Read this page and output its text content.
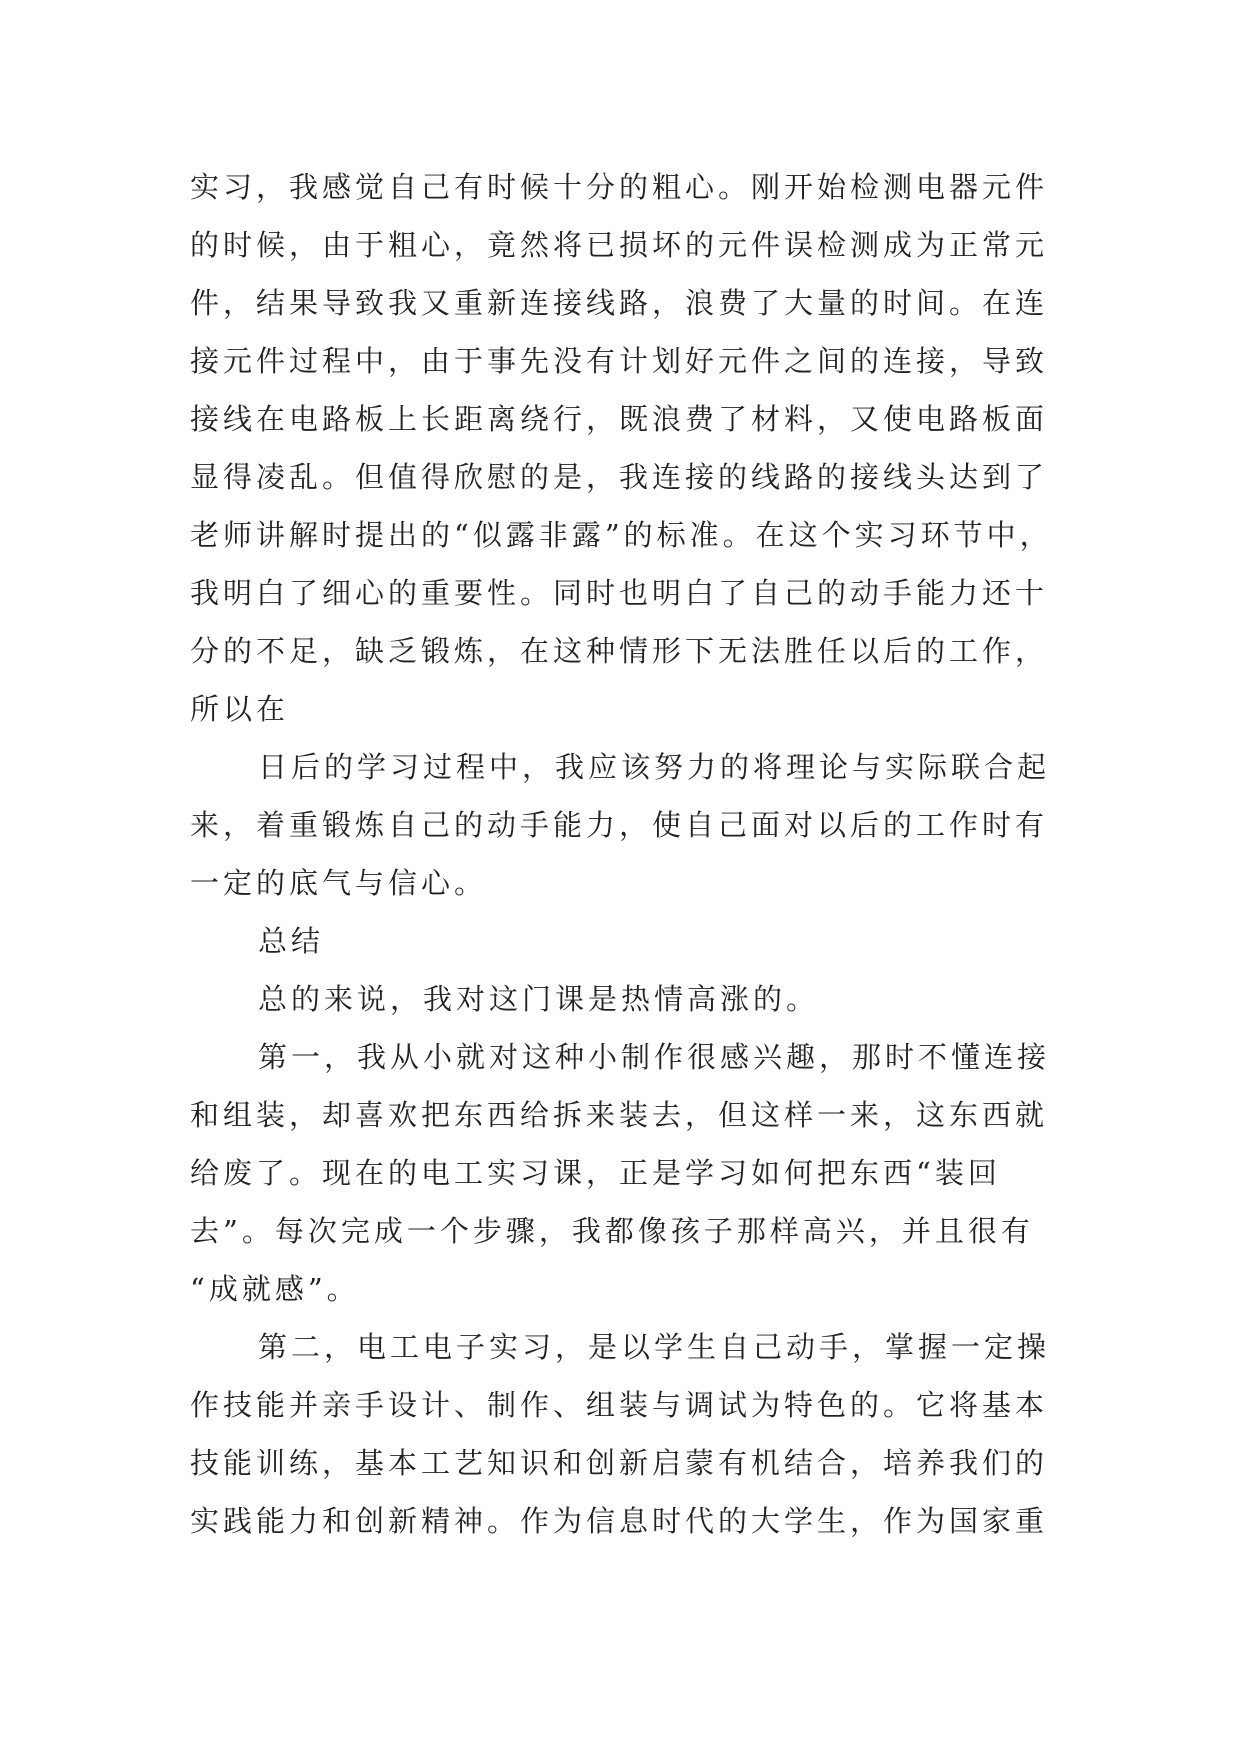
实习，我感觉自己有时候十分的粗心。刚开始检测电器元件
的时候，由于粗心，竟然将已损坏的元件误检测成为正常元
件，结果导致我又重新连接线路，浪费了大量的时间。在连
接元件过程中，由于事先没有计划好元件之间的连接，导致
接线在电路板上长距离绕行，既浪费了材料，又使电路板面
显得凌乱。但值得欣慰的是，我连接的线路的接线头达到了
老师讲解时提出的“似露非露”的标准。在这个实习环节中，
我明白了细心的重要性。同时也明白了自己的动手能力还十
分的不足，缺乏锻炼，在这种情形下无法胜任以后的工作，
所以在
日后的学习过程中，我应该努力的将理论与实际联合起
来，着重锻炼自己的动手能力，使自己面对以后的工作时有
一定的底气与信心。
总结
总的来说，我对这门课是热情高涨的。
第一，我从小就对这种小制作很感兴趣，那时不懂连接
和组装，却喜欢把东西给拆来装去，但这样一来，这东西就
给废了。现在的电工实习课，正是学习如何把东西“装回
去”。每次完成一个步骤，我都像孩子那样高兴，并且很有
“成就感”。
第二，电工电子实习，是以学生自己动手，掌握一定操
作技能并亲手设计、制作、组装与调试为特色的。它将基本
技能训练，基本工艺知识和创新启蒙有机结合，培养我们的
实践能力和创新精神。作为信息时代的大学生，作为国家重
